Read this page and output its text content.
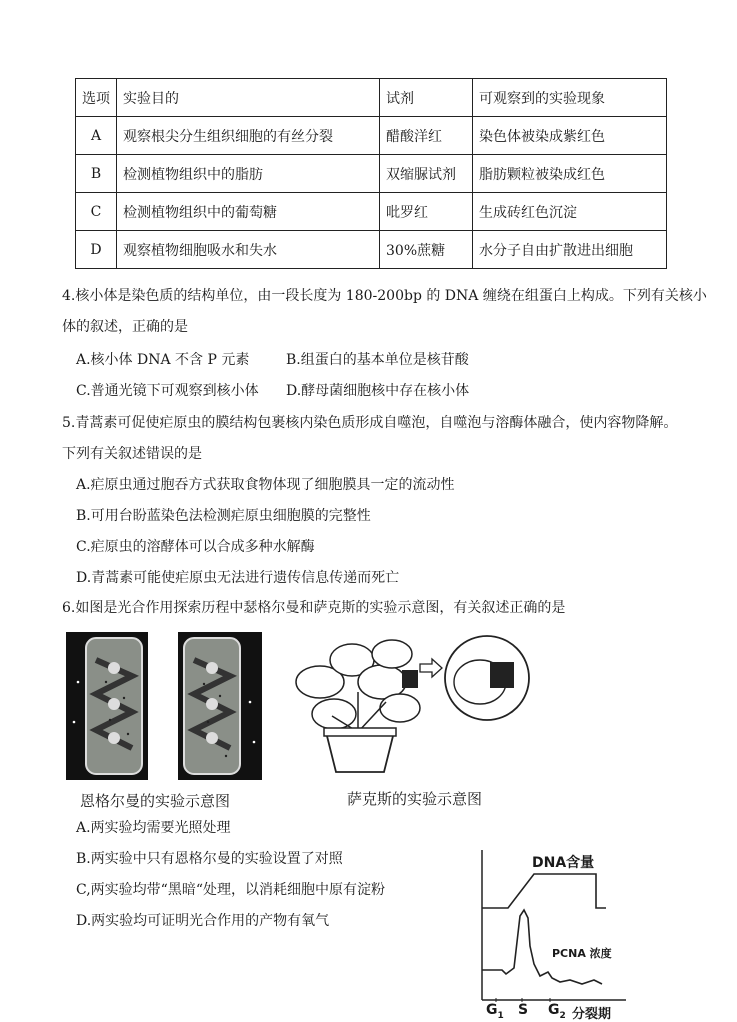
选项	实验目的	试剂	可观察到的实验现象
A	观察根尖分生组织细胞的有丝分裂	醋酸洋红	染色体被染成紫红色
B	检测植物组织中的脂肪	双缩脲试剂	脂肪颗粒被染成红色
C	检测植物组织中的葡萄糖	吡罗红	生成砖红色沉淀
D	观察植物细胞吸水和失水	30%蔗糖	水分子自由扩散进出细胞
4.核小体是染色质的结构单位，由一段长度为 180-200bp 的 DNA 缠绕在组蛋白上构成。下列有关核小
体的叙述，正确的是
A.核小体 DNA 不含 P 元素	B.组蛋白的基本单位是核苷酸
C.普通光镜下可观察到核小体 D.酵母菌细胞核中存在核小体
5.青蒿素可促使疟原虫的膜结构包裹核内染色质形成自噬泡，自噬泡与溶酶体融合，使内容物降解。
下列有关叙述错误的是
A.疟原虫通过胞吞方式获取食物体现了细胞膜具一定的流动性
B.可用台盼蓝染色法检测疟原虫细胞膜的完整性
C.疟原虫的溶酵体可以合成多种水解酶
D.青蒿素可能使疟原虫无法进行遗传信息传递而死亡
6.如图是光合作用探索历程中瑟格尔曼和萨克斯的实验示意图，有关叙述正确的是
恩格尔曼的实验示意图	萨克斯的实验示意图
A.两实验均需要光照处理
B.两实验中只有恩格尔曼的实验设置了对照
C,两实验均带“黑暗“处理，以消耗细胞中原有淀粉
D.两实验均可证明光合作用的产物有氧气
DNA含量
PCNA 浓度
$G_1$ S $G_2$ 分裂期
